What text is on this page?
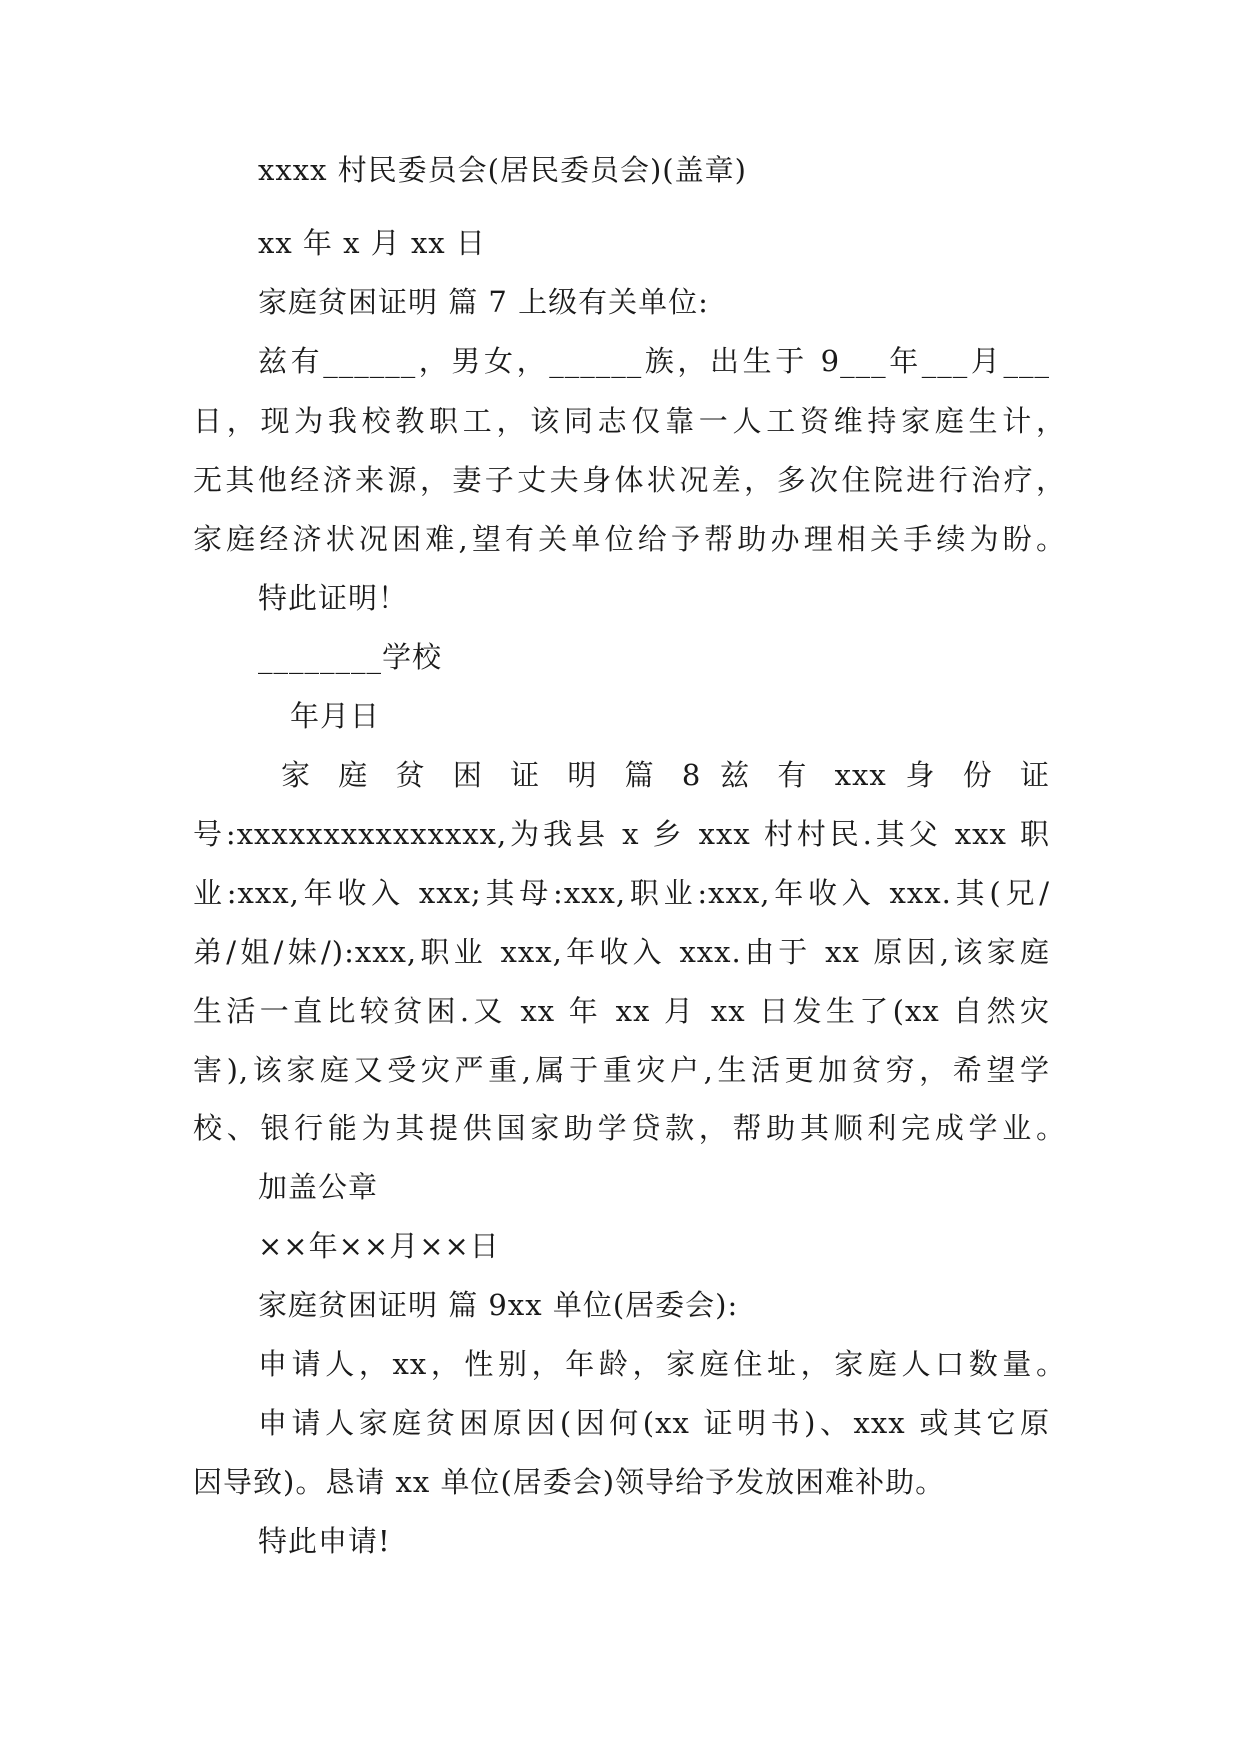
xxxx 村民委员会(居民委员会)(盖章)

xx 年 x 月 xx 日

家庭贫困证明 篇 7 上级有关单位:

兹有______，男女，______族，出生于 9___年___月___

日，现为我校教职工，该同志仅靠一人工资维持家庭生计，

无其他经济来源，妻子丈夫身体状况差，多次住院进行治疗，

家庭经济状况困难,望有关单位给予帮助办理相关手续为盼。

特此证明！

________学校

年月日

家 庭 贫 困 证 明 篇 8 兹 有 xxx 身 份 证

号:xxxxxxxxxxxxxxx,为我县 x 乡 xxx 村村民.其父 xxx 职

业:xxx,年收入 xxx;其母:xxx,职业:xxx,年收入 xxx.其(兄/

弟/姐/妹/):xxx,职业 xxx,年收入 xxx.由于 xx 原因,该家庭

生活一直比较贫困.又 xx 年 xx 月 xx 日发生了(xx 自然灾

害),该家庭又受灾严重,属于重灾户,生活更加贫穷，希望学

校、银行能为其提供国家助学贷款，帮助其顺利完成学业。

加盖公章

××年××月××日

家庭贫困证明 篇 9xx 单位(居委会):

申请人，xx，性别，年龄，家庭住址，家庭人口数量。

申请人家庭贫困原因(因何(xx 证明书)、xxx 或其它原

因导致)。恳请 xx 单位(居委会)领导给予发放困难补助。

特此申请!
